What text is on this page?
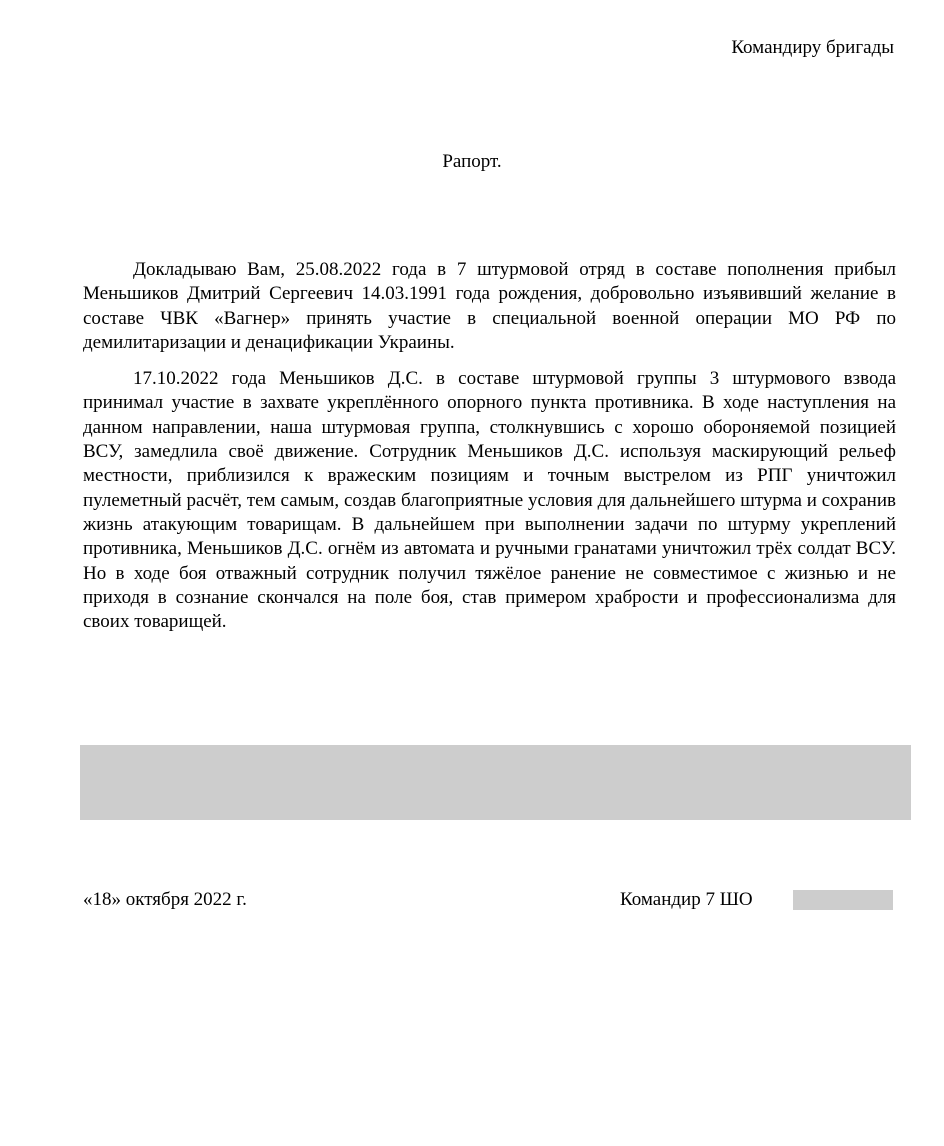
Командиру бригады
Рапорт.

Докладываю Вам, 25.08.2022 года в 7 штурмовой отряд в составе пополнения прибыл Меньшиков Дмитрий Сергеевич 14.03.1991 года рождения, добровольно изъявивший желание в составе ЧВК «Вагнер» принять участие в специальной военной операции МО РФ по демилитаризации и денацификации Украины.

17.10.2022 года Меньшиков Д.С. в составе штурмовой группы 3 штурмового взвода принимал участие в захвате укреплённого опорного пункта противника. В ходе наступления на данном направлении, наша штурмовая группа, столкнувшись с хорошо обороняемой позицией ВСУ, замедлила своё движение. Сотрудник Меньшиков Д.С. используя маскирующий рельеф местности, приблизился к вражеским позициям и точным выстрелом из РПГ уничтожил пулеметный расчёт, тем самым, создав благоприятные условия для дальнейшего штурма и сохранив жизнь атакующим товарищам. В дальнейшем при выполнении задачи по штурму укреплений противника, Меньшиков Д.С. огнём из автомата и ручными гранатами уничтожил трёх солдат ВСУ. Но в ходе боя отважный сотрудник получил тяжёлое ранение не совместимое с жизнью и не приходя в сознание скончался на поле боя, став примером храбрости и профессионализма для своих товарищей.

«18» октября 2022 г.	Командир 7 ШО
